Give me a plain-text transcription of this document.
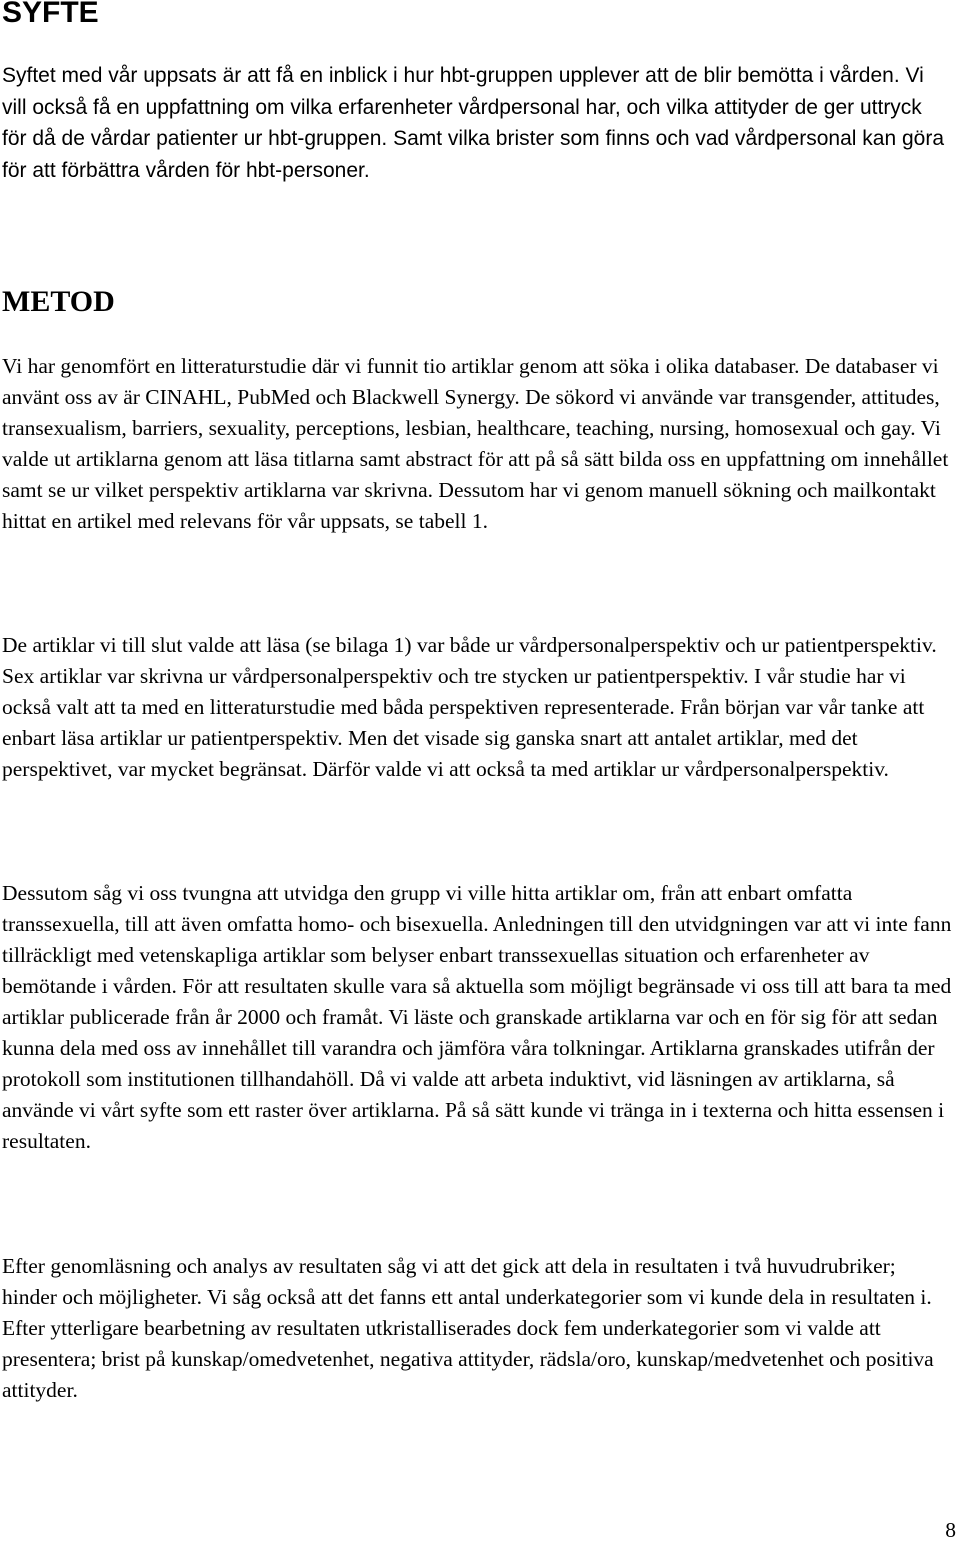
SYFTE

Syftet med vår uppsats är att få en inblick i hur hbt-gruppen upplever att de blir bemötta i vården. Vi vill också få en uppfattning om vilka erfarenheter vårdpersonal har, och vilka attityder de ger uttryck för då de vårdar patienter ur hbt-gruppen. Samt vilka brister som finns och vad vårdpersonal kan göra för att förbättra vården för hbt-personer.

METOD

Vi har genomfört en litteraturstudie där vi funnit tio artiklar genom att söka i olika databaser. De databaser vi använt oss av är CINAHL, PubMed och Blackwell Synergy. De sökord vi använde var transgender, attitudes, transexualism, barriers, sexuality, perceptions, lesbian, healthcare, teaching, nursing, homosexual och gay. Vi valde ut artiklarna genom att läsa titlarna samt abstract för att på så sätt bilda oss en uppfattning om innehållet samt se ur vilket perspektiv artiklarna var skrivna. Dessutom har vi genom manuell sökning och mailkontakt hittat en artikel med relevans för vår uppsats, se tabell 1.

De artiklar vi till slut valde att läsa (se bilaga 1) var både ur vårdpersonalperspektiv och ur patientperspektiv. Sex artiklar var skrivna ur vårdpersonalperspektiv och tre stycken ur patientperspektiv. I vår studie har vi också valt att ta med en litteraturstudie med båda perspektiven representerade. Från början var vår tanke att enbart läsa artiklar ur patientperspektiv. Men det visade sig ganska snart att antalet artiklar, med det perspektivet, var mycket begränsat. Därför valde vi att också ta med artiklar ur vårdpersonalperspektiv.

Dessutom såg vi oss tvungna att utvidga den grupp vi ville hitta artiklar om, från att enbart omfatta transsexuella, till att även omfatta homo- och bisexuella. Anledningen till den utvidgningen var att vi inte fann tillräckligt med vetenskapliga artiklar som belyser enbart transsexuellas situation och erfarenheter av bemötande i vården. För att resultaten skulle vara så aktuella som möjligt begränsade vi oss till att bara ta med artiklar publicerade från år 2000 och framåt. Vi läste och granskade artiklarna var och en för sig för att sedan kunna dela med oss av innehållet till varandra och jämföra våra tolkningar. Artiklarna granskades utifrån der protokoll som institutionen tillhandahöll. Då vi valde att arbeta induktivt, vid läsningen av artiklarna, så använde vi vårt syfte som ett raster över artiklarna. På så sätt kunde vi tränga in i texterna och hitta essensen i resultaten.

Efter genomläsning och analys av resultaten såg vi att det gick att dela in resultaten i två huvudrubriker; hinder och möjligheter. Vi såg också att det fanns ett antal underkategorier som vi kunde dela in resultaten i. Efter ytterligare bearbetning av resultaten utkristalliserades dock fem underkategorier som vi valde att presentera; brist på kunskap/omedvetenhet, negativa attityder, rädsla/oro, kunskap/medvetenhet och positiva attityder.

8
